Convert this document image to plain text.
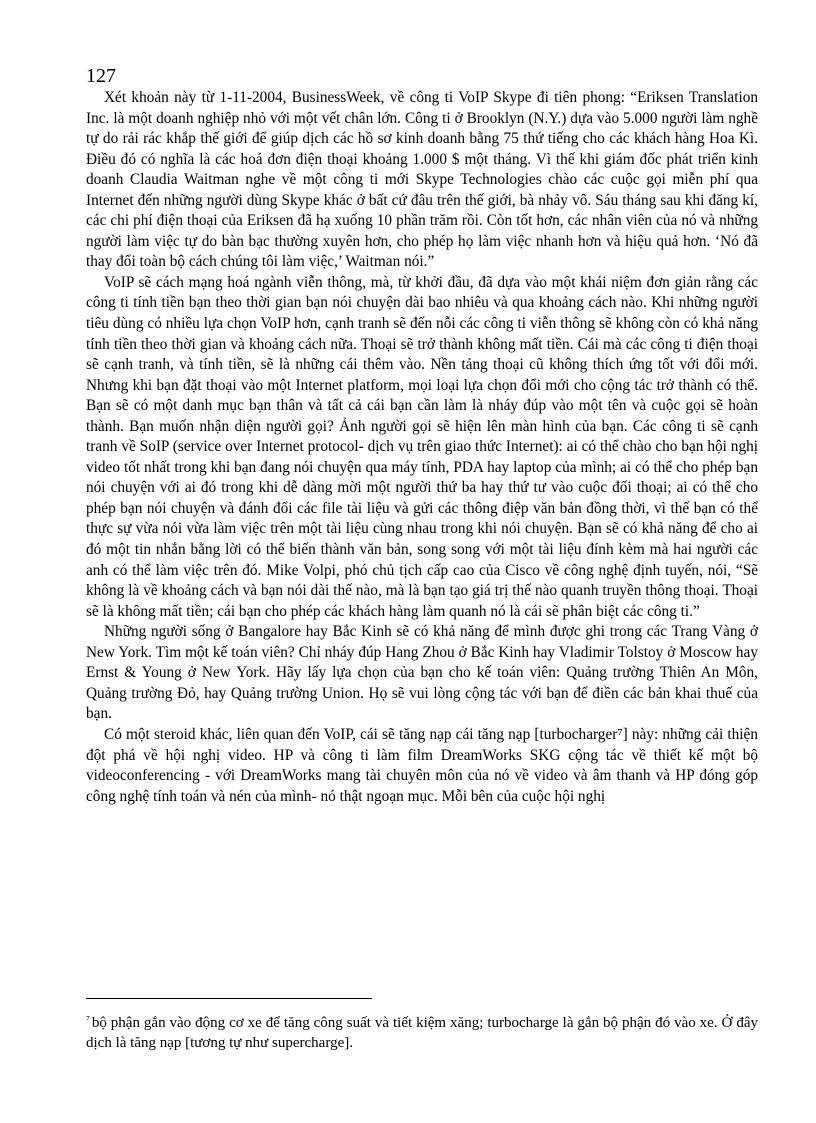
127

Xét khoản này từ 1-11-2004, BusinessWeek, về công ti VoIP Skype đi tiên phong: “Eriksen Translation Inc. là một doanh nghiệp nhỏ với một vết chân lớn. Công ti ở Brooklyn (N.Y.) dựa vào 5.000 người làm nghề tự do rải rác khắp thế giới để giúp dịch các hồ sơ kinh doanh bằng 75 thứ tiếng cho các khách hàng Hoa Kì. Điều đó có nghĩa là các hoá đơn điện thoại khoảng 1.000 $ một tháng. Vì thế khi giám đốc phát triển kinh doanh Claudia Waitman nghe về một công ti mới Skype Technologies chào các cuộc gọi miễn phí qua Internet đến những người dùng Skype khác ở bất cứ đâu trên thế giới, bà nhảy vô. Sáu tháng sau khi đăng kí, các chi phí điện thoại của Eriksen đã hạ xuống 10 phần trăm rồi. Còn tốt hơn, các nhân viên của nó và những người làm việc tự do bàn bạc thường xuyên hơn, cho phép họ làm việc nhanh hơn và hiệu quả hơn. ‘Nó đã thay đổi toàn bộ cách chúng tôi làm việc,’ Waitman nói.”

VoIP sẽ cách mạng hoá ngành viễn thông, mà, từ khởi đầu, đã dựa vào một khái niệm đơn giản rằng các công ti tính tiền bạn theo thời gian bạn nói chuyện dài bao nhiêu và qua khoảng cách nào. Khi những người tiêu dùng có nhiều lựa chọn VoIP hơn, cạnh tranh sẽ đến nỗi các công ti viễn thông sẽ không còn có khả năng tính tiền theo thời gian và khoảng cách nữa. Thoại sẽ trở thành không mất tiền. Cái mà các công ti điện thoại sẽ cạnh tranh, và tính tiền, sẽ là những cái thêm vào. Nền tảng thoại cũ không thích ứng tốt với đổi mới. Nhưng khi bạn đặt thoại vào một Internet platform, mọi loại lựa chọn đổi mới cho cộng tác trở thành có thể. Bạn sẽ có một danh mục bạn thân và tất cả cái bạn cần làm là nháy đúp vào một tên và cuộc gọi sẽ hoàn thành. Bạn muốn nhận diện người gọi? Ảnh người gọi sẽ hiện lên màn hình của bạn. Các công ti sẽ cạnh tranh về SoIP (service over Internet protocol- dịch vụ trên giao thức Internet): ai có thể chào cho bạn hội nghị video tốt nhất trong khi bạn đang nói chuyện qua máy tính, PDA hay laptop của mình; ai có thể cho phép bạn nói chuyện với ai đó trong khi dễ dàng mời một người thứ ba hay thứ tư vào cuộc đối thoại; ai có thể cho phép bạn nói chuyện và đánh đổi các file tài liệu và gửi các thông điệp văn bản đồng thời, vì thế bạn có thể thực sự vừa nói vừa làm việc trên một tài liệu cùng nhau trong khi nói chuyện. Bạn sẽ có khả năng để cho ai đó một tin nhắn bằng lời có thể biến thành văn bản, song song với một tài liệu đính kèm mà hai người các anh có thể làm việc trên đó. Mike Volpi, phó chủ tịch cấp cao của Cisco về công nghệ định tuyến, nói, “Sẽ không là về khoảng cách và bạn nói dài thế nào, mà là bạn tạo giá trị thế nào quanh truyền thông thoại. Thoại sẽ là không mất tiền; cái bạn cho phép các khách hàng làm quanh nó là cái sẽ phân biệt các công ti.”

Những người sống ở Bangalore hay Bắc Kinh sẽ có khả năng để mình được ghi trong các Trang Vàng ở New York. Tìm một kế toán viên? Chỉ nháy đúp Hang Zhou ở Bắc Kinh hay Vladimir Tolstoy ở Moscow hay Ernst & Young ở New York. Hãy lấy lựa chọn của bạn cho kế toán viên: Quảng trường Thiên An Môn, Quảng trường Đỏ, hay Quảng trường Union. Họ sẽ vui lòng cộng tác với bạn để điền các bản khai thuế của bạn.

Có một steroid khác, liên quan đến VoIP, cái sẽ tăng nạp cái tăng nạp [turbocharger⁷] này: những cải thiện đột phá về hội nghị video. HP và công ti làm film DreamWorks SKG cộng tác về thiết kế một bộ videoconferencing - với DreamWorks mang tài chuyên môn của nó về video và âm thanh và HP đóng góp công nghệ tính toán và nén của mình- nó thật ngoạn mục. Mỗi bên của cuộc hội nghị

$^{^7}$ bộ phận gắn vào động cơ xe để tăng công suất và tiết kiệm xăng; turbocharge là gắn bộ phận đó vào xe. Ở đây dịch là tăng nạp [tương tự như supercharge].
